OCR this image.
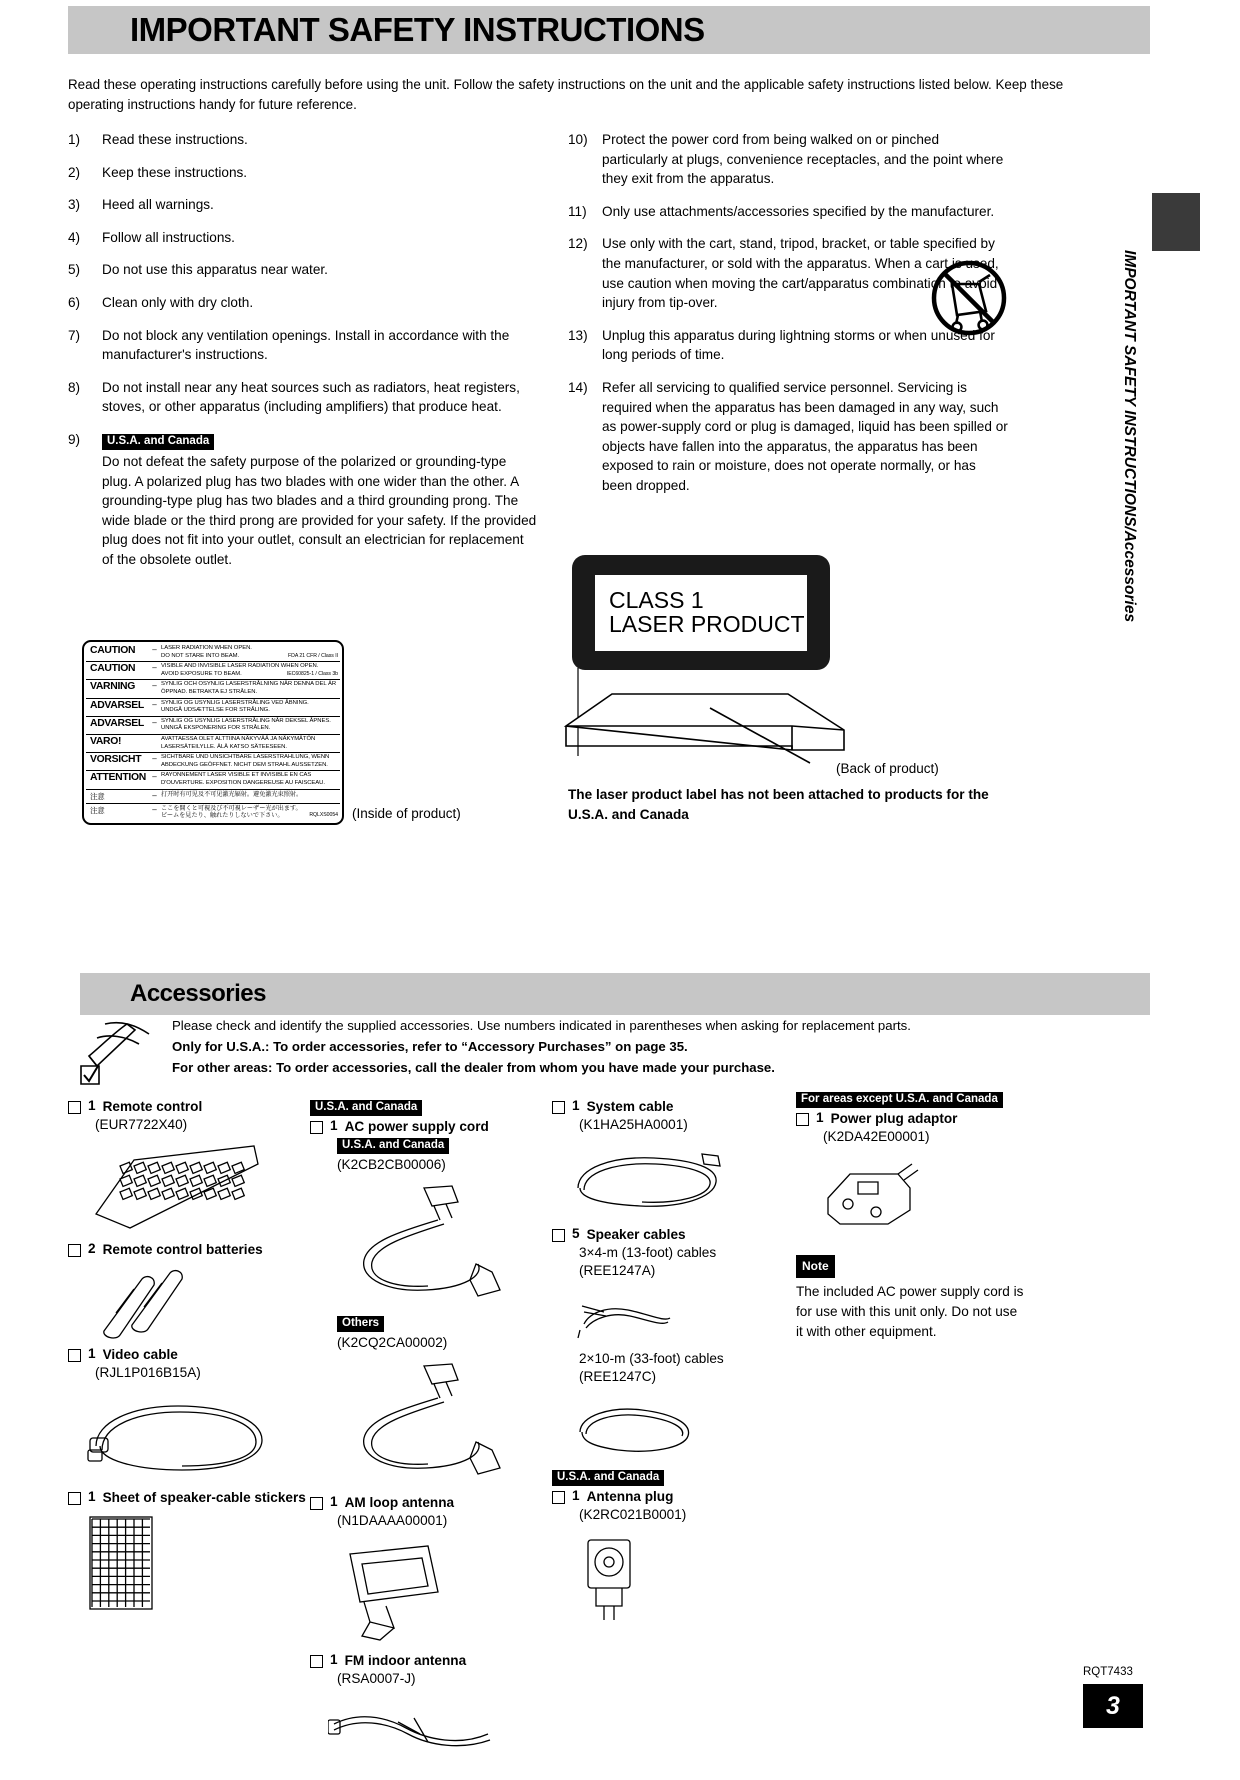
IMPORTANT SAFETY INSTRUCTIONS
Read these operating instructions carefully before using the unit. Follow the safety instructions on the unit and the applicable safety instructions listed below. Keep these operating instructions handy for future reference.
IMPORTANT SAFETY INSTRUCTIONS/Accessories
1)	Read these instructions.
2)	Keep these instructions.
3)	Heed all warnings.
4)	Follow all instructions.
5)	Do not use this apparatus near water.
6)	Clean only with dry cloth.
7)	Do not block any ventilation openings. Install in accordance with the manufacturer's instructions.
8)	Do not install near any heat sources such as radiators, heat registers, stoves, or other apparatus (including amplifiers) that produce heat.
9)	U.S.A. and Canada
Do not defeat the safety purpose of the polarized or grounding-type plug. A polarized plug has two blades with one wider than the other. A grounding-type plug has two blades and a third grounding prong. The wide blade or the third prong are provided for your safety. If the provided plug does not fit into your outlet, consult an electrician for replacement of the obsolete outlet.
10)	Protect the power cord from being walked on or pinched particularly at plugs, convenience receptacles, and the point where they exit from the apparatus.
11)	Only use attachments/accessories specified by the manufacturer.
12)	Use only with the cart, stand, tripod, bracket, or table specified by the manufacturer, or sold with the apparatus. When a cart is used, use caution when moving the cart/apparatus combination to avoid injury from tip-over.
13)	Unplug this apparatus during lightning storms or when unused for long periods of time.
14)	Refer all servicing to qualified service personnel. Servicing is required when the apparatus has been damaged in any way, such as power-supply cord or plug is damaged, liquid has been spilled or objects have fallen into the apparatus, the apparatus has been exposed to rain or moisture, does not operate normally, or has been dropped.
CAUTION	–	LASER RADIATION WHEN OPEN.
FDA 21 CFR / Class II
DO NOT STARE INTO BEAM.

CAUTION	–	VISIBLE AND INVISIBLE LASER RADIATION WHEN OPEN.
IEC60825-1 / Class 3b
AVOID EXPOSURE TO BEAM.

VARNING	–	SYNLIG OCH OSYNLIG LASERSTRÅLNING NÄR DENNA DEL ÄR
ÖPPNAD. BETRAKTA EJ STRÅLEN.

ADVARSEL	–	SYNLIG OG USYNLIG LASERSTRÅLING VED ÅBNING.
UNDGÅ UDSÆTTELSE FOR STRÅLING.

ADVARSEL	–	SYNLIG OG USYNLIG LASERSTRÅLING NÅR DEKSEL ÅPNES.
UNNGÅ EKSPONERING FOR STRÅLEN.

VARO!		AVATTAESSA OLET ALTTIINA NÄKYVÄÄ JA NÄKYMÄTÖN
LASERSÄTEILYLLE. ÄLÄ KATSO SÄTEESEEN.

VORSICHT	–	SICHTBARE UND UNSICHTBARE LASERSTRAHLUNG, WENN
ABDECKUNG GEÖFFNET. NICHT DEM STRAHL AUSSETZEN.

ATTENTION	–	RAYONNEMENT LASER VISIBLE ET INVISIBLE EN CAS
D'OUVERTURE. EXPOSITION DANGEREUSE AU FAISCEAU.

注意	–	打开时有可见及不可见激光辐射。避免激光束照射。

注意	–	ここを開くと可視及び不可視レーザー光が出ます。
RQLXS0054
ビームを見たり、触れたりしないで下さい。	(Inside of product)
CLASS 1
LASER PRODUCT
(Back of product)
The laser product label has not been attached to products for the U.S.A. and Canada
Accessories
Please check and identify the supplied accessories. Use numbers indicated in parentheses when asking for replacement parts.
Only for U.S.A.: To order accessories, refer to “Accessory Purchases” on page 35.
For other areas: To order accessories, call the dealer from whom you have made your purchase.
1 Remote control
(EUR7722X40)
2 Remote control batteries
1 Video cable
(RJL1P016B15A)
1 Sheet of speaker-cable stickers
U.S.A. and Canada
1 AC power supply cord
U.S.A. and Canada
(K2CB2CB00006)
Others
(K2CQ2CA00002)
1 AM loop antenna
(N1DAAAA00001)
1 FM indoor antenna
(RSA0007-J)
1 System cable
(K1HA25HA0001)
5 Speaker cables
3×4-m (13-foot) cables
(REE1247A)
2×10-m (33-foot) cables
(REE1247C)
U.S.A. and Canada
1 Antenna plug
(K2RC021B0001)
For areas except U.S.A. and Canada
1 Power plug adaptor
(K2DA42E00001)
Note
The included AC power supply cord is for use with this unit only. Do not use it with other equipment.
RQT7433
3
